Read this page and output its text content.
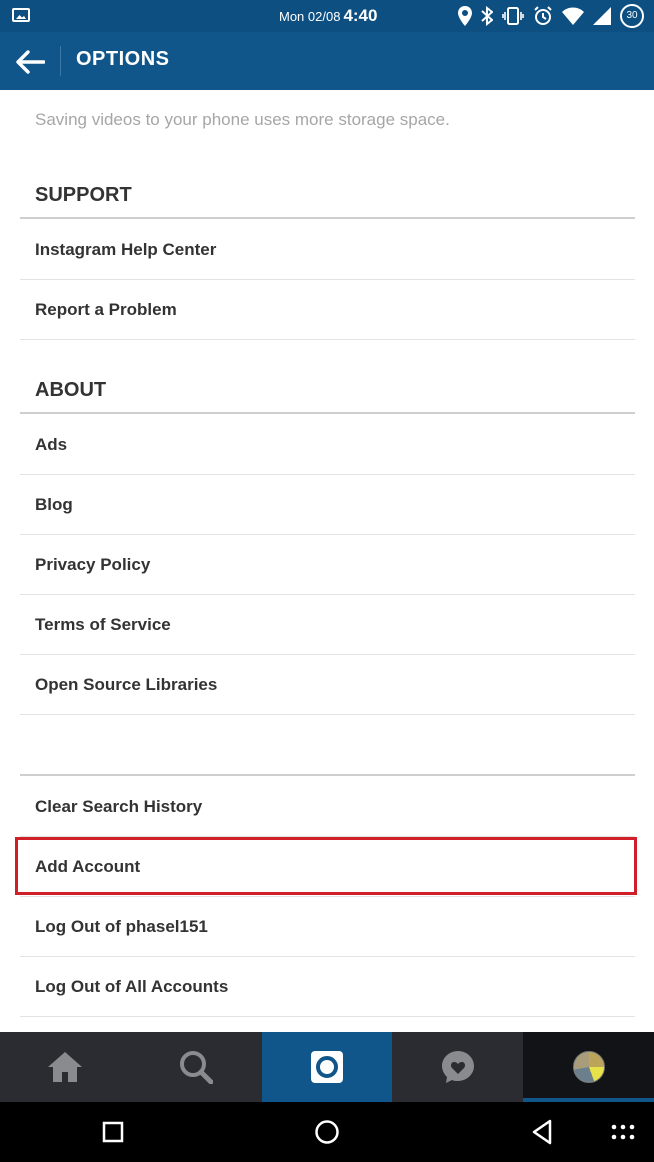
Mon 02/08 4:40	30
OPTIONS
Saving videos to your phone uses more storage space.
SUPPORT
Instagram Help Center
Report a Problem
ABOUT
Ads
Blog
Privacy Policy
Terms of Service
Open Source Libraries
Clear Search History
Add Account
Log Out of phasel151
Log Out of All Accounts
